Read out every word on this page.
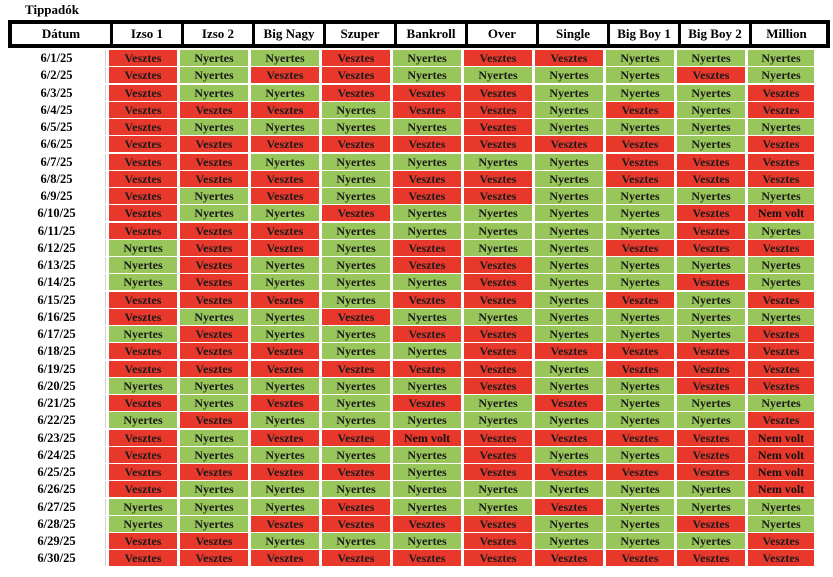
Tippadók
Dátum	Izso 1	Izso 2	Big Nagy	Szuper	Bankroll	Over	Single	Big Boy 1	Big Boy 2	Million
6/1/25	Vesztes	Nyertes	Nyertes	Vesztes	Nyertes	Vesztes	Vesztes	Nyertes	Nyertes	Nyertes
6/2/25	Vesztes	Nyertes	Vesztes	Vesztes	Nyertes	Nyertes	Nyertes	Nyertes	Vesztes	Nyertes
6/3/25	Vesztes	Nyertes	Nyertes	Vesztes	Vesztes	Vesztes	Nyertes	Nyertes	Nyertes	Vesztes
6/4/25	Vesztes	Vesztes	Vesztes	Nyertes	Vesztes	Vesztes	Nyertes	Vesztes	Nyertes	Vesztes
6/5/25	Vesztes	Nyertes	Nyertes	Nyertes	Nyertes	Vesztes	Nyertes	Nyertes	Nyertes	Nyertes
6/6/25	Vesztes	Vesztes	Vesztes	Vesztes	Vesztes	Vesztes	Vesztes	Vesztes	Nyertes	Vesztes
6/7/25	Vesztes	Vesztes	Nyertes	Nyertes	Nyertes	Nyertes	Nyertes	Vesztes	Vesztes	Vesztes
6/8/25	Vesztes	Vesztes	Vesztes	Nyertes	Vesztes	Vesztes	Nyertes	Vesztes	Vesztes	Vesztes
6/9/25	Vesztes	Nyertes	Vesztes	Nyertes	Vesztes	Vesztes	Nyertes	Nyertes	Nyertes	Nyertes
6/10/25	Vesztes	Nyertes	Nyertes	Vesztes	Nyertes	Nyertes	Nyertes	Nyertes	Vesztes	Nem volt
6/11/25	Vesztes	Vesztes	Vesztes	Nyertes	Nyertes	Nyertes	Nyertes	Nyertes	Vesztes	Nyertes
6/12/25	Nyertes	Vesztes	Vesztes	Nyertes	Vesztes	Nyertes	Nyertes	Vesztes	Vesztes	Vesztes
6/13/25	Nyertes	Vesztes	Nyertes	Nyertes	Vesztes	Vesztes	Nyertes	Nyertes	Nyertes	Nyertes
6/14/25	Nyertes	Vesztes	Nyertes	Nyertes	Nyertes	Vesztes	Nyertes	Nyertes	Vesztes	Nyertes
6/15/25	Vesztes	Vesztes	Vesztes	Nyertes	Vesztes	Vesztes	Nyertes	Vesztes	Nyertes	Vesztes
6/16/25	Vesztes	Nyertes	Nyertes	Vesztes	Nyertes	Nyertes	Nyertes	Nyertes	Nyertes	Nyertes
6/17/25	Nyertes	Vesztes	Nyertes	Nyertes	Vesztes	Vesztes	Nyertes	Nyertes	Nyertes	Vesztes
6/18/25	Vesztes	Vesztes	Vesztes	Nyertes	Nyertes	Vesztes	Vesztes	Vesztes	Vesztes	Vesztes
6/19/25	Vesztes	Vesztes	Vesztes	Vesztes	Vesztes	Vesztes	Nyertes	Vesztes	Vesztes	Vesztes
6/20/25	Nyertes	Nyertes	Nyertes	Nyertes	Nyertes	Vesztes	Nyertes	Nyertes	Vesztes	Vesztes
6/21/25	Vesztes	Nyertes	Vesztes	Nyertes	Vesztes	Nyertes	Vesztes	Nyertes	Nyertes	Nyertes
6/22/25	Nyertes	Vesztes	Nyertes	Nyertes	Nyertes	Nyertes	Nyertes	Nyertes	Nyertes	Vesztes
6/23/25	Vesztes	Nyertes	Vesztes	Vesztes	Nem volt	Vesztes	Vesztes	Vesztes	Vesztes	Nem volt
6/24/25	Vesztes	Nyertes	Nyertes	Nyertes	Nyertes	Vesztes	Nyertes	Nyertes	Vesztes	Nem volt
6/25/25	Vesztes	Vesztes	Vesztes	Vesztes	Nyertes	Vesztes	Vesztes	Vesztes	Vesztes	Nem volt
6/26/25	Vesztes	Nyertes	Nyertes	Nyertes	Nyertes	Nyertes	Nyertes	Nyertes	Nyertes	Nem volt
6/27/25	Nyertes	Nyertes	Nyertes	Vesztes	Nyertes	Nyertes	Vesztes	Nyertes	Nyertes	Nyertes
6/28/25	Nyertes	Nyertes	Vesztes	Vesztes	Vesztes	Vesztes	Nyertes	Nyertes	Vesztes	Nyertes
6/29/25	Vesztes	Vesztes	Nyertes	Nyertes	Nyertes	Vesztes	Nyertes	Nyertes	Nyertes	Vesztes
6/30/25	Vesztes	Vesztes	Vesztes	Vesztes	Vesztes	Vesztes	Vesztes	Vesztes	Vesztes	Vesztes
